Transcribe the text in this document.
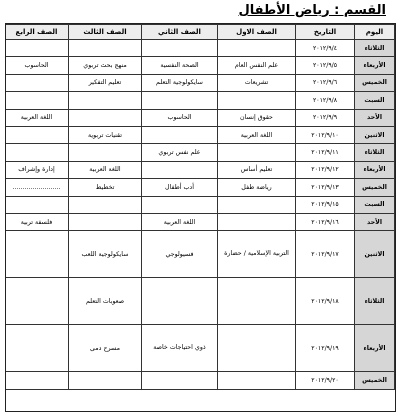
القسم : رياض الأطفال
اليوم	التاريخ	الصف الاول	الصف الثاني	الصف الثالث	الصف الرابع
الثلاثاء	٢٠١٢/٩/٤				
الأربعاء	٢٠١٢/٩/٥	علم النفس العام	الصحة النفسية	منهج بحث تربوي	الحاسوب
الخميس	٢٠١٢/٩/٦	تشريعات	سايكولوجية التعلم	تعليم التفكير	
السبت	٢٠١٢/٩/٨				
الأحد	٢٠١٢/٩/٩	حقوق إنسان	الحاسوب		اللغة العربية
الاثنين	٢٠١٢/٩/١٠	اللغة العربية		تقنيات تربوية	
الثلاثاء	٢٠١٢/٩/١١		علم نفس تربوي		
الأربعاء	٢٠١٢/٩/١٢	تعليم أساس		اللغة العربية	إدارة وإشراف
الخميس	٢٠١٢/٩/١٣	رياضة طفل	أدب أطفال	تخطيط	........................
السبت	٢٠١٢/٩/١٥				
الأحد	٢٠١٢/٩/١٦		اللغة العربية		فلسفة تربية
الاثنين	٢٠١٢/٩/١٧	التربية الإسلامية / حضارة	فسيولوجي	سايكولوجية اللعب	
الثلاثاء	٢٠١٢/٩/١٨			صعوبات التعلم	
الأربعاء	٢٠١٢/٩/١٩		ذوي احتياجات خاصة	مسرح دمى	
الخميس	٢٠١٢/٩/٢٠				
